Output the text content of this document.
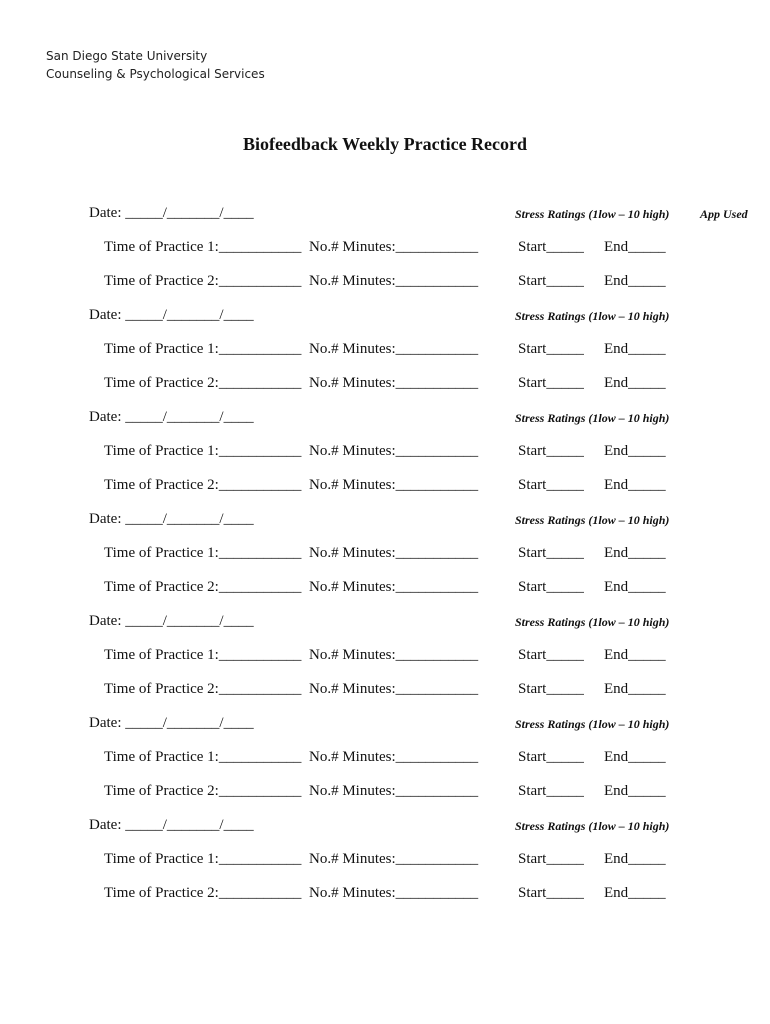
San Diego State University
Counseling & Psychological Services
Biofeedback Weekly Practice Record
Date: _____/_______/____	Stress Ratings (1low – 10 high)	App Used
Time of Practice 1:___________ No.# Minutes:___________	Start_____ End_____
Time of Practice 2:___________ No.# Minutes:___________	Start_____ End_____
Date: _____/_______/____	Stress Ratings (1low – 10 high)
Time of Practice 1:___________ No.# Minutes:___________	Start_____ End_____
Time of Practice 2:___________ No.# Minutes:___________	Start_____ End_____
Date: _____/_______/____	Stress Ratings (1low – 10 high)
Time of Practice 1:___________ No.# Minutes:___________	Start_____ End_____
Time of Practice 2:___________ No.# Minutes:___________	Start_____ End_____
Date: _____/_______/____	Stress Ratings (1low – 10 high)
Time of Practice 1:___________ No.# Minutes:___________	Start_____ End_____
Time of Practice 2:___________ No.# Minutes:___________	Start_____ End_____
Date: _____/_______/____	Stress Ratings (1low – 10 high)
Time of Practice 1:___________ No.# Minutes:___________	Start_____ End_____
Time of Practice 2:___________ No.# Minutes:___________	Start_____ End_____
Date: _____/_______/____	Stress Ratings (1low – 10 high)
Time of Practice 1:___________ No.# Minutes:___________	Start_____ End_____
Time of Practice 2:___________ No.# Minutes:___________	Start_____ End_____
Date: _____/_______/____	Stress Ratings (1low – 10 high)
Time of Practice 1:___________ No.# Minutes:___________	Start_____ End_____
Time of Practice 2:___________ No.# Minutes:___________	Start_____ End_____
